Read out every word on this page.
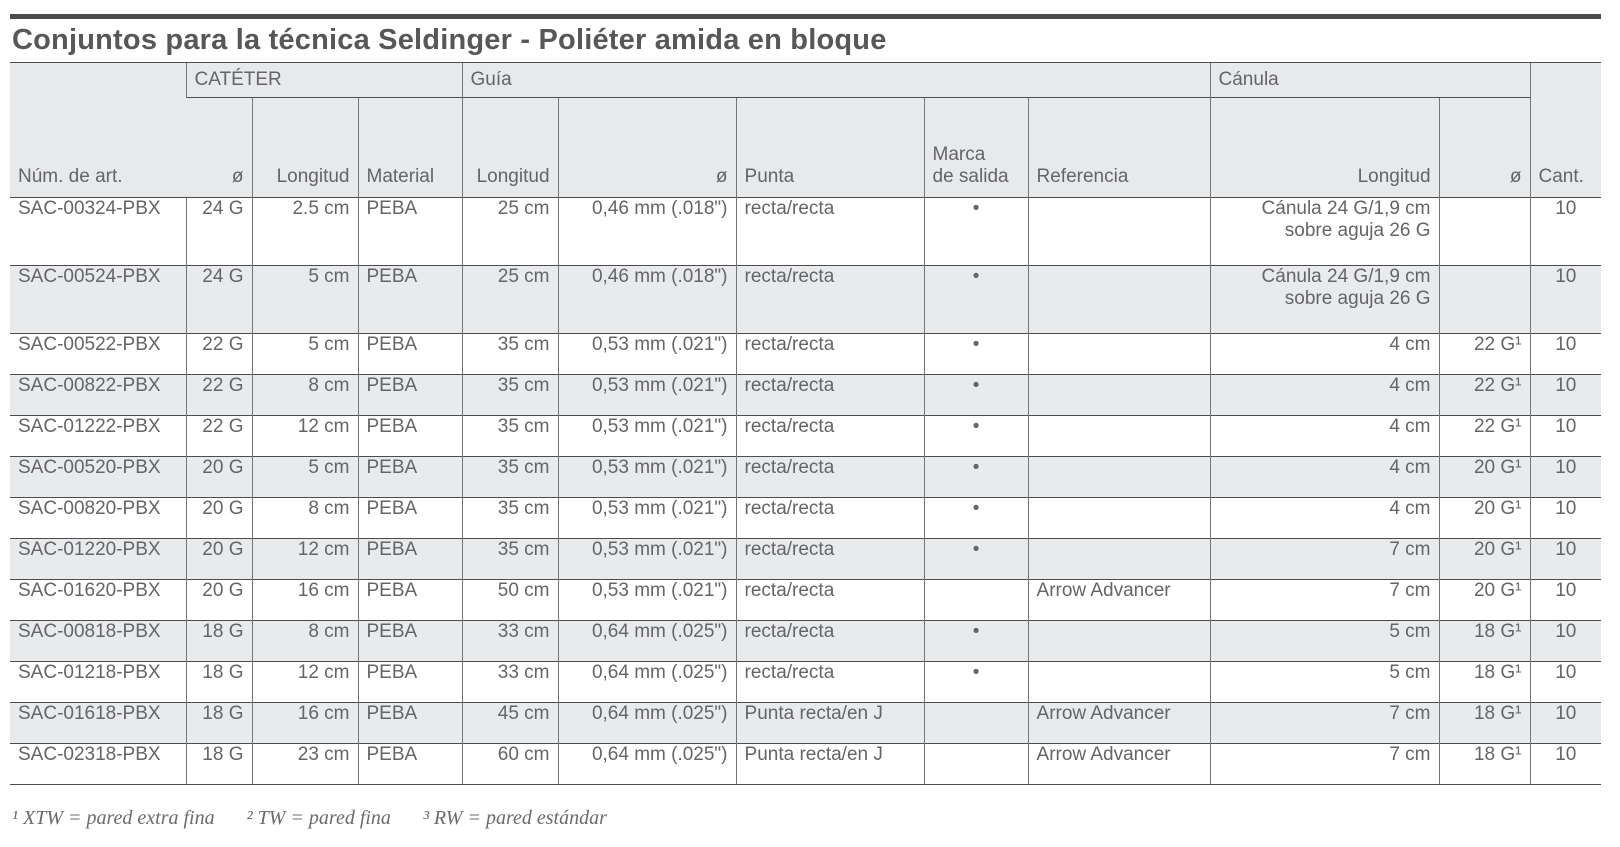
Conjuntos para la técnica Seldinger - Poliéter amida en bloque
Núm. de art.	CATÉTER			Guía					Cánula		Cant.
	ø	Longitud	Material	Longitud	ø	Punta	Marca
de salida	Referencia	Longitud	ø	
SAC-00324-PBX	24 G	2.5 cm	PEBA	25 cm	0,46 mm (.018")	recta/recta	•		Cánula 24 G/1,9 cm
sobre aguja 26 G		10
SAC-00524-PBX	24 G	5 cm	PEBA	25 cm	0,46 mm (.018")	recta/recta	•		Cánula 24 G/1,9 cm
sobre aguja 26 G		10
SAC-00522-PBX	22 G	5 cm	PEBA	35 cm	0,53 mm (.021")	recta/recta	•		4 cm	22 G¹	10
SAC-00822-PBX	22 G	8 cm	PEBA	35 cm	0,53 mm (.021")	recta/recta	•		4 cm	22 G¹	10
SAC-01222-PBX	22 G	12 cm	PEBA	35 cm	0,53 mm (.021")	recta/recta	•		4 cm	22 G¹	10
SAC-00520-PBX	20 G	5 cm	PEBA	35 cm	0,53 mm (.021")	recta/recta	•		4 cm	20 G¹	10
SAC-00820-PBX	20 G	8 cm	PEBA	35 cm	0,53 mm (.021")	recta/recta	•		4 cm	20 G¹	10
SAC-01220-PBX	20 G	12 cm	PEBA	35 cm	0,53 mm (.021")	recta/recta	•		7 cm	20 G¹	10
SAC-01620-PBX	20 G	16 cm	PEBA	50 cm	0,53 mm (.021")	recta/recta		Arrow Advancer	7 cm	20 G¹	10
SAC-00818-PBX	18 G	8 cm	PEBA	33 cm	0,64 mm (.025")	recta/recta	•		5 cm	18 G¹	10
SAC-01218-PBX	18 G	12 cm	PEBA	33 cm	0,64 mm (.025")	recta/recta	•		5 cm	18 G¹	10
SAC-01618-PBX	18 G	16 cm	PEBA	45 cm	0,64 mm (.025")	Punta recta/en J		Arrow Advancer	7 cm	18 G¹	10
SAC-02318-PBX	18 G	23 cm	PEBA	60 cm	0,64 mm (.025")	Punta recta/en J		Arrow Advancer	7 cm	18 G¹	10
¹ XTW = pared extra fina ² TW = pared fina ³ RW = pared estándar
